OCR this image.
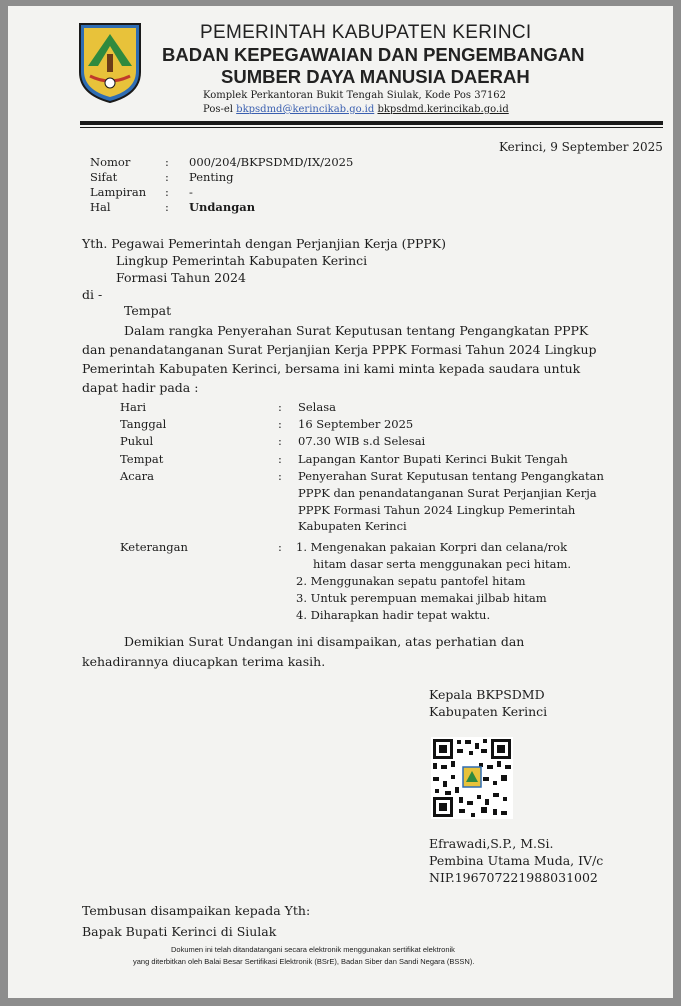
PEMERINTAH KABUPATEN KERINCI
BADAN KEPEGAWAIAN DAN PENGEMBANGAN
SUMBER DAYA MANUSIA DAERAH
Komplek Perkantoran Bukit Tengah Siulak, Kode Pos 37162
Pos-el bkpsdmd@kerincikab.go.id bkpsdmd.kerincikab.go.id
Kerinci, 9 September 2025
Nomor	: 000/204/BKPSDMD/IX/2025
Sifat	: Penting
Lampiran : -
Hal	: Undangan
Yth. Pegawai Pemerintah dengan Perjanjian Kerja (PPPK)
Lingkup Pemerintah Kabupaten Kerinci
Formasi Tahun 2024
di -
Tempat
Dalam rangka Penyerahan Surat Keputusan tentang Pengangkatan PPPK
dan penandatanganan Surat Perjanjian Kerja PPPK Formasi Tahun 2024 Lingkup
Pemerintah Kabupaten Kerinci, bersama ini kami minta kepada saudara untuk
dapat hadir pada :
Hari	: Selasa
Tanggal	: 16 September 2025
Pukul	: 07.30 WIB s.d Selesai
Tempat	: Lapangan Kantor Bupati Kerinci Bukit Tengah
Acara	: Penyerahan Surat Keputusan tentang Pengangkatan
PPPK dan penandatanganan Surat Perjanjian Kerja
PPPK Formasi Tahun 2024 Lingkup Pemerintah
Kabupaten Kerinci
Keterangan	: 1. Mengenakan pakaian Korpri dan celana/rok
hitam dasar serta menggunakan peci hitam.
2. Menggunakan sepatu pantofel hitam
3. Untuk perempuan memakai jilbab hitam
4. Diharapkan hadir tepat waktu.
Demikian Surat Undangan ini disampaikan, atas perhatian dan
kehadirannya diucapkan terima kasih.
Kepala BKPSDMD
Kabupaten Kerinci
Efrawadi,S.P., M.Si.
Pembina Utama Muda, IV/c
NIP.196707221988031002
Tembusan disampaikan kepada Yth:
Bapak Bupati Kerinci di Siulak
Dokumen ini telah ditandatangani secara elektronik menggunakan sertifikat elektronik
yang diterbitkan oleh Balai Besar Sertifikasi Elektronik (BSrE), Badan Siber dan Sandi Negara (BSSN).
